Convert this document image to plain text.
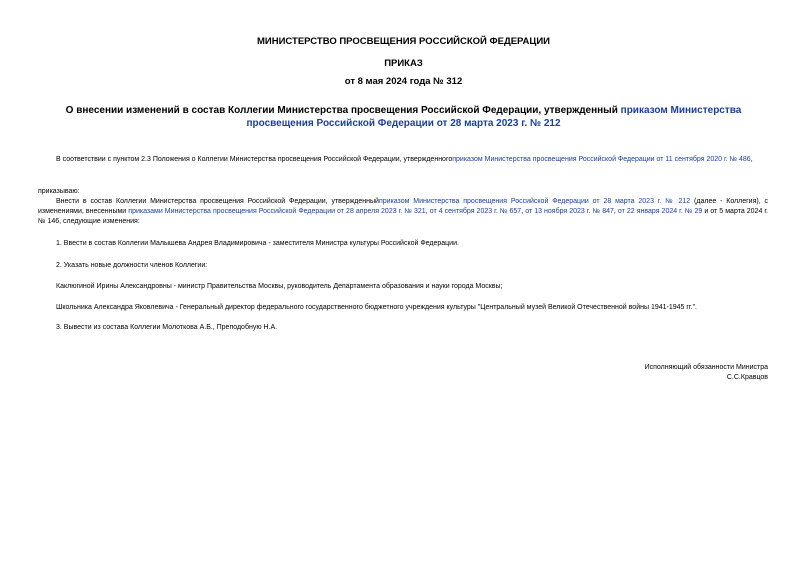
МИНИСТЕРСТВО ПРОСВЕЩЕНИЯ РОССИЙСКОЙ ФЕДЕРАЦИИ
ПРИКАЗ
от 8 мая 2024 года № 312
О внесении изменений в состав Коллегии Министерства просвещения Российской Федерации, утвержденный приказом Министерства просвещения Российской Федерации от 28 марта 2023 г. № 212
В соответствии с пунктом 2.3 Положения о Коллегии Министерства просвещения Российской Федерации, утвержденногоприказом Министерства просвещения Российской Федерации от 11 сентября 2020 г. № 486,
приказываю:
Внести в состав Коллегии Министерства просвещения Российской Федерации, утвержденныйприказом Министерства просвещения Российской Федерации от 28 марта 2023 г. № 212 (далее - Коллегия), с изменениями, внесенными приказами Министерства просвещения Российской Федерации от 28 апреля 2023 г. № 321, от 4 сентября 2023 г. № 657, от 13 ноября 2023 г. № 847, от 22 января 2024 г. № 29 и от 5 марта 2024 г. № 146, следующие изменения:
1. Ввести в состав Коллегии Малышева Андрея Владимировича - заместителя Министра культуры Российской Федерации.
2. Указать новые должности членов Коллегии:
Каклюгиной Ирины Александровны - министр Правительства Москвы, руководитель Департамента образования и науки города Москвы;
Школьника Александра Яковлевича - Генеральный директор федерального государственного бюджетного учреждения культуры "Центральный музей Великой Отечественной войны 1941-1945 гг.".
3. Вывести из состава Коллегии Молоткова А.Б., Преподобную Н.А.
Исполняющий обязанности Министра
С.С.Кравцов
